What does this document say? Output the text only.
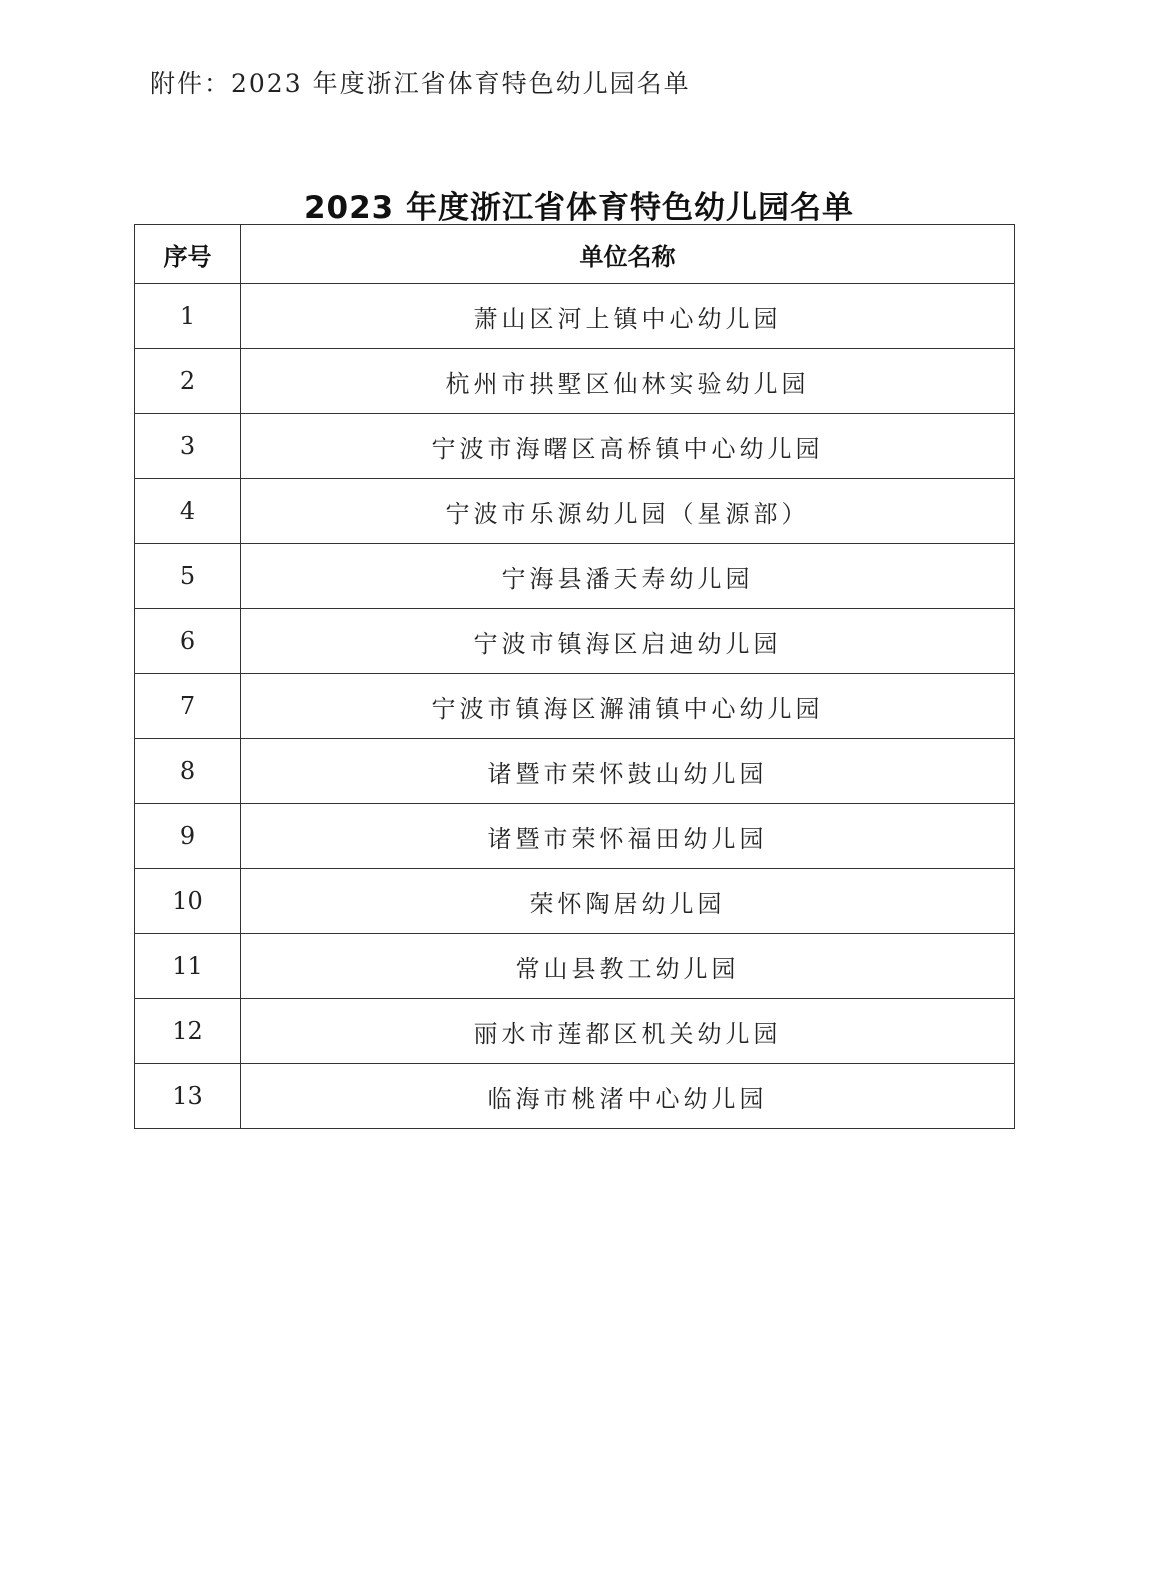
附件：2023 年度浙江省体育特色幼儿园名单
2023 年度浙江省体育特色幼儿园名单
序号	单位名称
1	萧山区河上镇中心幼儿园
2	杭州市拱墅区仙林实验幼儿园
3	宁波市海曙区高桥镇中心幼儿园
4	宁波市乐源幼儿园（星源部）
5	宁海县潘天寿幼儿园
6	宁波市镇海区启迪幼儿园
7	宁波市镇海区澥浦镇中心幼儿园
8	诸暨市荣怀鼓山幼儿园
9	诸暨市荣怀福田幼儿园
10	荣怀陶居幼儿园
11	常山县教工幼儿园
12	丽水市莲都区机关幼儿园
13	临海市桃渚中心幼儿园
